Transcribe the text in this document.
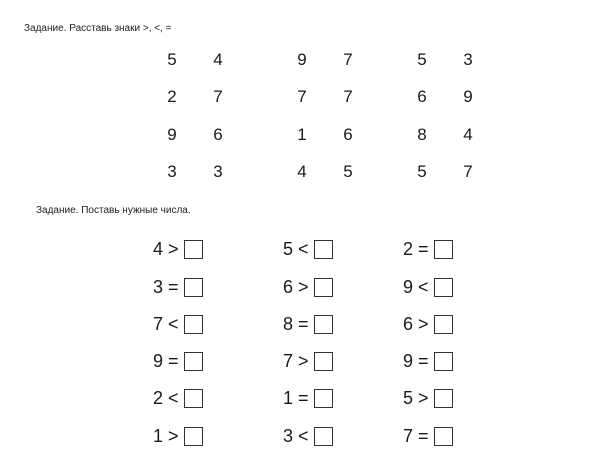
Задание. Расставь знаки >, <, =
5	4	9	7	5	3
2	7	7	7	6	9
9	6	1	6	8	4
3	3	4	5	5	7
Задание. Поставь нужные числа.
4 >	5 <	2 =
3 =	6 >	9 <
7 <	8 =	6 >
9 =	7 >	9 =
2 <	1 =	5 >
1 >	3 <	7 =
